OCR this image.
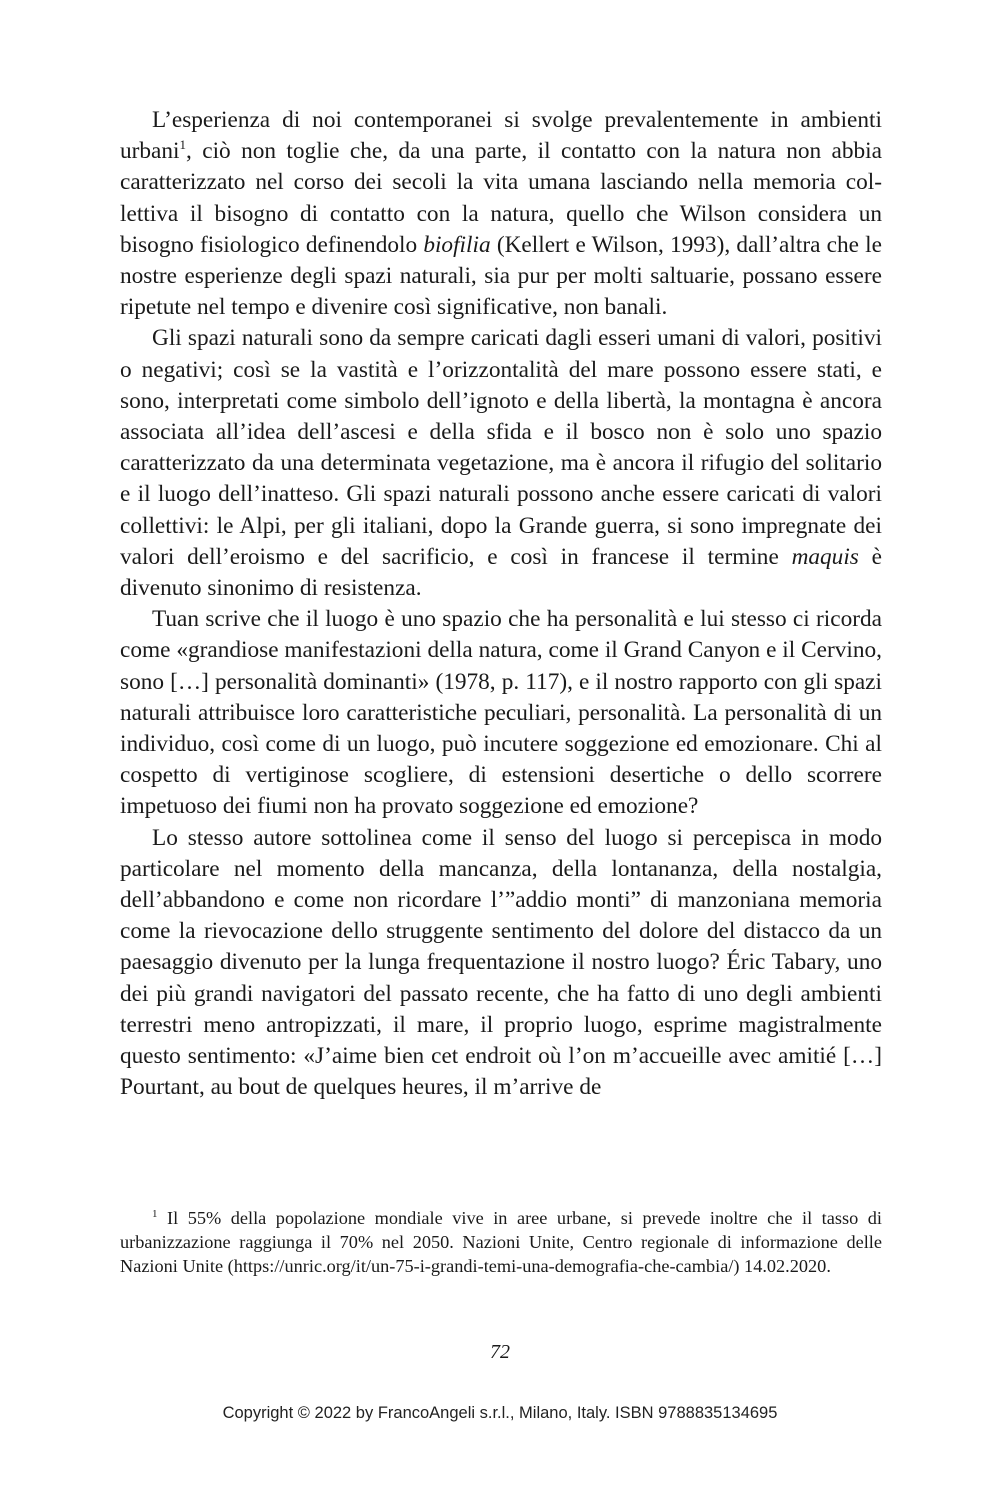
L’esperienza di noi contemporanei si svolge prevalentemente in ambienti urbani$^1$, ciò non toglie che, da una parte, il contatto con la natura non abbia caratterizzato nel corso dei secoli la vita umana lasciando nella memoria collettiva il bisogno di contatto con la natura, quello che Wilson considera un bisogno fisiologico definendolo biofilia (Kellert e Wilson, 1993), dall’altra che le nostre esperienze degli spazi naturali, sia pur per molti saltuarie, possano essere ripetute nel tempo e divenire così significative, non banali.

Gli spazi naturali sono da sempre caricati dagli esseri umani di valori, positivi o negativi; così se la vastità e l’orizzontalità del mare possono essere stati, e sono, interpretati come simbolo dell’ignoto e della libertà, la montagna è ancora associata all’idea dell’ascesi e della sfida e il bosco non è solo uno spazio caratterizzato da una determinata vegetazione, ma è ancora il rifugio del solitario e il luogo dell’inatteso. Gli spazi naturali possono anche essere caricati di valori collettivi: le Alpi, per gli italiani, dopo la Grande guerra, si sono impregnate dei valori dell’eroismo e del sacrificio, e così in francese il termine maquis è divenuto sinonimo di resistenza.

Tuan scrive che il luogo è uno spazio che ha personalità e lui stesso ci ricorda come «grandiose manifestazioni della natura, come il Grand Canyon e il Cervino, sono […] personalità dominanti» (1978, p. 117), e il nostro rapporto con gli spazi naturali attribuisce loro caratteristiche peculiari, personalità. La personalità di un individuo, così come di un luogo, può incutere soggezione ed emozionare. Chi al cospetto di vertiginose scogliere, di estensioni desertiche o dello scorrere impetuoso dei fiumi non ha provato soggezione ed emozione?

Lo stesso autore sottolinea come il senso del luogo si percepisca in modo particolare nel momento della mancanza, della lontananza, della nostalgia, dell’abbandono e come non ricordare l’”addio monti” di manzoniana memoria come la rievocazione dello struggente sentimento del dolore del distacco da un paesaggio divenuto per la lunga frequentazione il nostro luogo? Éric Tabary, uno dei più grandi navigatori del passato recente, che ha fatto di uno degli ambienti terrestri meno antropizzati, il mare, il proprio luogo, esprime magistralmente questo sentimento: «J’aime bien cet endroit où l’on m’accueille avec amitié […] Pourtant, au bout de quelques heures, il m’arrive de

$^1$ Il 55% della popolazione mondiale vive in aree urbane, si prevede inoltre che il tasso di urbanizzazione raggiunga il 70% nel 2050. Nazioni Unite, Centro regionale di informazione delle Nazioni Unite (https://unric.org/it/un-75-i-grandi-temi-una-demografia-che-cambia/) 14.02.2020.

72
Copyright © 2022 by FrancoAngeli s.r.l., Milano, Italy. ISBN 9788835134695
